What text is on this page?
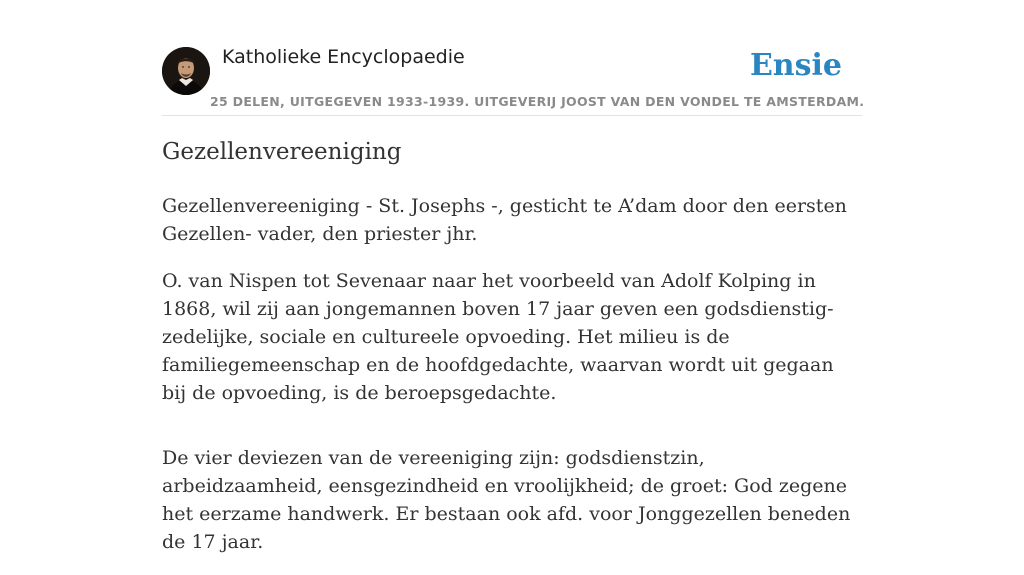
Katholieke Encyclopaedie
25 DELEN, UITGEGEVEN 1933-1939. UITGEVERIJ JOOST VAN DEN VONDEL TE AMSTERDAM.
Ensie
Gezellenvereeniging

Gezellenvereeniging - St. Josephs -, gesticht te A’dam door den eersten Gezellen- vader, den priester jhr.

O. van Nispen tot Sevenaar naar het voorbeeld van Adolf Kolping in 1868, wil zij aan jongemannen boven 17 jaar geven een godsdienstig-zedelijke, sociale en cultureele opvoeding. Het milieu is de familiegemeenschap en de hoofdgedachte, waarvan wordt uit gegaan bij de opvoeding, is de beroepsgedachte.

De vier deviezen van de vereeniging zijn: godsdienstzin, arbeidzaamheid, eensgezindheid en vroolijkheid; de groet: God zegene het eerzame handwerk. Er bestaan ook afd. voor Jonggezellen beneden de 17 jaar.
